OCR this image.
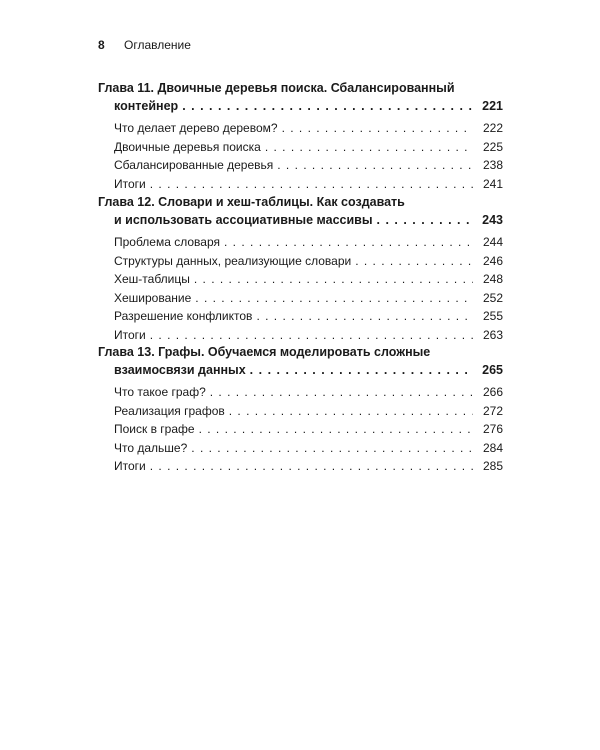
8 Оглавление
Глава 11. Двоичные деревья поиска. Сбалансированный
контейнер . . .	221
Что делает дерево деревом? . . .	222
Двоичные деревья поиска . . .	225
Сбалансированные деревья . . .	238
Итоги . . .	241
Глава 12. Словари и хеш-таблицы. Как создавать
и использовать ассоциативные массивы . . .	243
Проблема словаря . . .	244
Структуры данных, реализующие словари . . .	246
Хеш-таблицы . . .	248
Хеширование . . .	252
Разрешение конфликтов . . .	255
Итоги . . .	263
Глава 13. Графы. Обучаемся моделировать сложные
взаимосвязи данных . . .	265
Что такое граф? . . .	266
Реализация графов . . .	272
Поиск в графе . . .	276
Что дальше? . . .	284
Итоги . . .	285
